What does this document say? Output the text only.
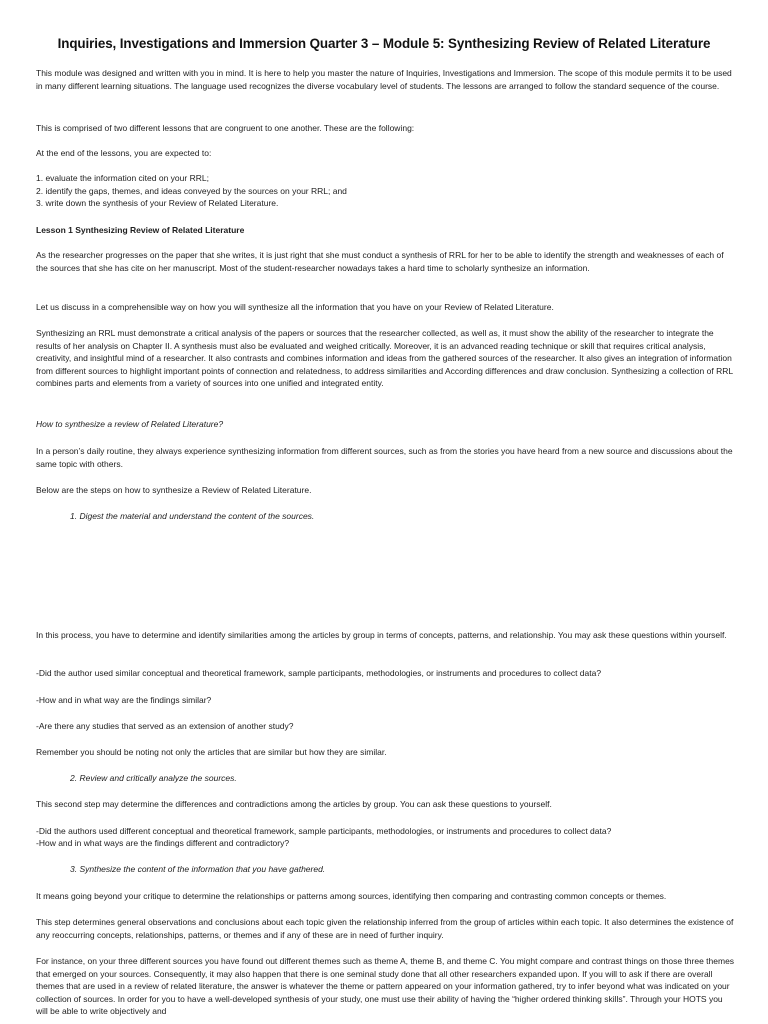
Inquiries, Investigations and Immersion Quarter 3 – Module 5: Synthesizing Review of Related Literature

This module was designed and written with you in mind. It is here to help you master the nature of Inquiries, Investigations and Immersion. The scope of this module permits it to be used in many different learning situations. The language used recognizes the diverse vocabulary level of students. The lessons are arranged to follow the standard sequence of the course.

This is comprised of two different lessons that are congruent to one another. These are the following:

At the end of the lessons, you are expected to:

1. evaluate the information cited on your RRL;
2. identify the gaps, themes, and ideas conveyed by the sources on your RRL; and
3. write down the synthesis of your Review of Related Literature.

Lesson 1 Synthesizing Review of Related Literature

As the researcher progresses on the paper that she writes, it is just right that she must conduct a synthesis of RRL for her to be able to identify the strength and weaknesses of each of the sources that she has cite on her manuscript. Most of the student-researcher nowadays takes a hard time to scholarly synthesize an information.

Let us discuss in a comprehensible way on how you will synthesize all the information that you have on your Review of Related Literature.

Synthesizing an RRL must demonstrate a critical analysis of the papers or sources that the researcher collected, as well as, it must show the ability of the researcher to integrate the results of her analysis on Chapter II. A synthesis must also be evaluated and weighed critically. Moreover, it is an advanced reading technique or skill that requires critical analysis, creativity, and insightful mind of a researcher. It also contrasts and combines information and ideas from the gathered sources of the researcher. It also gives an integration of information from different sources to highlight important points of connection and relatedness, to address similarities and According differences and draw conclusion. Synthesizing a collection of RRL combines parts and elements from a variety of sources into one unified and integrated entity.

How to synthesize a review of Related Literature?

In a person’s daily routine, they always experience synthesizing information from different sources, such as from the stories you have heard from a new source and discussions about the same topic with others.

Below are the steps on how to synthesize a Review of Related Literature.

1. Digest the material and understand the content of the sources.

In this process, you have to determine and identify similarities among the articles by group in terms of concepts, patterns, and relationship. You may ask these questions within yourself.

-Did the author used similar conceptual and theoretical framework, sample participants, methodologies, or instruments and procedures to collect data?

-How and in what way are the findings similar?

-Are there any studies that served as an extension of another study?

Remember you should be noting not only the articles that are similar but how they are similar.

2. Review and critically analyze the sources.

This second step may determine the differences and contradictions among the articles by group. You can ask these questions to yourself.

-Did the authors used different conceptual and theoretical framework, sample participants, methodologies, or instruments and procedures to collect data?

-How and in what ways are the findings different and contradictory?

3. Synthesize the content of the information that you have gathered.

It means going beyond your critique to determine the relationships or patterns among sources, identifying then comparing and contrasting common concepts or themes.

This step determines general observations and conclusions about each topic given the relationship inferred from the group of articles within each topic. It also determines the existence of any reoccurring concepts, relationships, patterns, or themes and if any of these are in need of further inquiry.

For instance, on your three different sources you have found out different themes such as theme A, theme B, and theme C. You might compare and contrast things on those three themes that emerged on your sources. Consequently, it may also happen that there is one seminal study done that all other researchers expanded upon. If you will to ask if there are overall themes that are used in a review of related literature, the answer is whatever the theme or pattern appeared on your information gathered, try to infer beyond what was indicated on your collection of sources. In order for you to have a well-developed synthesis of your study, one must use their ability of having the “higher ordered thinking skills”. Through your HOTS you will be able to write objectively and
